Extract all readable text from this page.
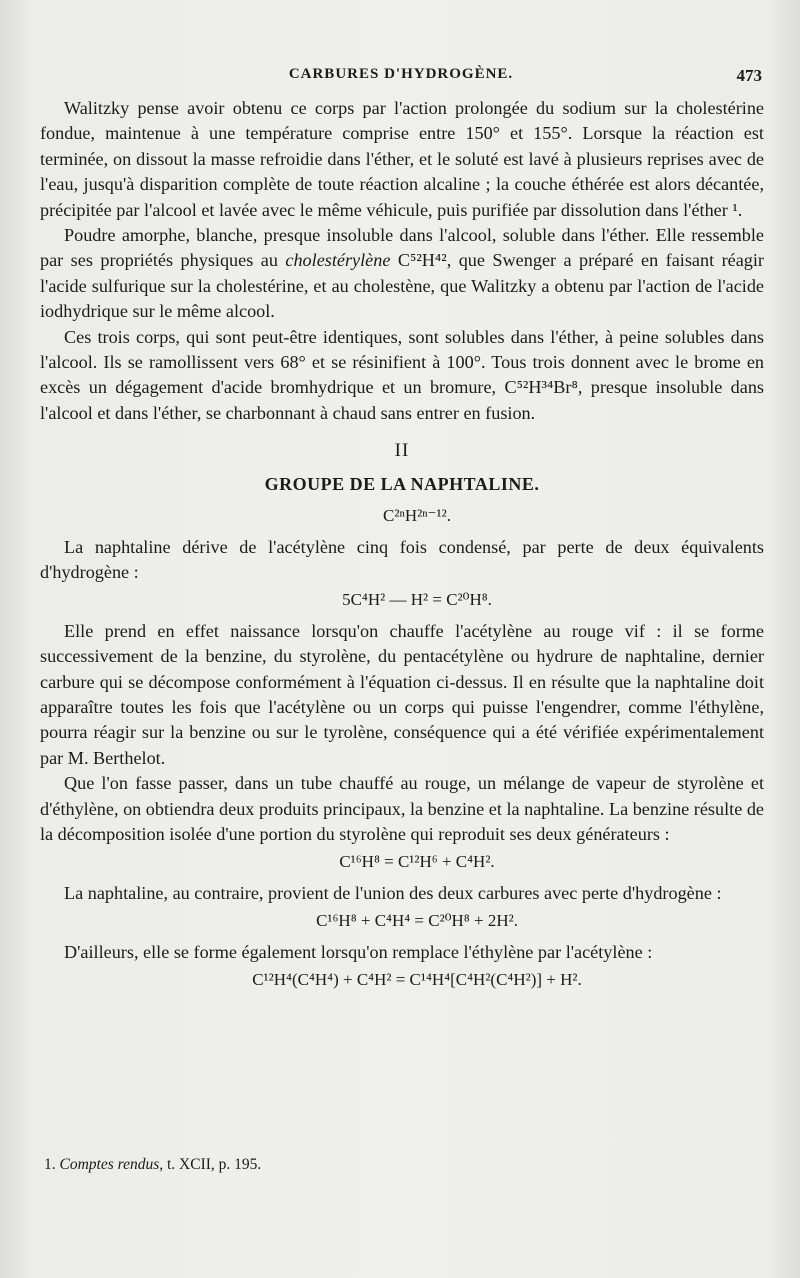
CARBURES D'HYDROGÈNE.	473

Walitzky pense avoir obtenu ce corps par l'action prolongée du sodium sur la cholestérine fondue, maintenue à une température comprise entre 150° et 155°. Lorsque la réaction est terminée, on dissout la masse refroidie dans l'éther, et le soluté est lavé à plusieurs reprises avec de l'eau, jusqu'à disparition complète de toute réaction alcaline ; la couche éthérée est alors décantée, précipitée par l'alcool et lavée avec le même véhicule, puis purifiée par dissolution dans l'éther ¹.

Poudre amorphe, blanche, presque insoluble dans l'alcool, soluble dans l'éther. Elle ressemble par ses propriétés physiques au cholestérylène C⁵²H⁴², que Swenger a préparé en faisant réagir l'acide sulfurique sur la cholestérine, et au cholestène, que Walitzky a obtenu par l'action de l'acide iodhydrique sur le même alcool.

Ces trois corps, qui sont peut-être identiques, sont solubles dans l'éther, à peine solubles dans l'alcool. Ils se ramollissent vers 68° et se résinifient à 100°. Tous trois donnent avec le brome en excès un dégagement d'acide bromhydrique et un bromure, C⁵²H³⁴Br⁸, presque insoluble dans l'alcool et dans l'éther, se charbonnant à chaud sans entrer en fusion.

II
GROUPE DE LA NAPHTALINE.
C²ⁿH²ⁿ⁻¹².

La naphtaline dérive de l'acétylène cinq fois condensé, par perte de deux équivalents d'hydrogène :

5C⁴H² — H² = C²⁰H⁸.

Elle prend en effet naissance lorsqu'on chauffe l'acétylène au rouge vif : il se forme successivement de la benzine, du styrolène, du pentacétylène ou hydrure de naphtaline, dernier carbure qui se décompose conformément à l'équation ci-dessus. Il en résulte que la naphtaline doit apparaître toutes les fois que l'acétylène ou un corps qui puisse l'engendrer, comme l'éthylène, pourra réagir sur la benzine ou sur le tyrolène, conséquence qui a été vérifiée expérimentalement par M. Berthelot.

Que l'on fasse passer, dans un tube chauffé au rouge, un mélange de vapeur de styrolène et d'éthylène, on obtiendra deux produits principaux, la benzine et la naphtaline. La benzine résulte de la décomposition isolée d'une portion du styrolène qui reproduit ses deux générateurs :

C¹⁶H⁸ = C¹²H⁶ + C⁴H².

La naphtaline, au contraire, provient de l'union des deux carbures avec perte d'hydrogène :

C¹⁶H⁸ + C⁴H⁴ = C²⁰H⁸ + 2H².

D'ailleurs, elle se forme également lorsqu'on remplace l'éthylène par l'acétylène :

C¹²H⁴(C⁴H⁴) + C⁴H² = C¹⁴H⁴[C⁴H²(C⁴H²)] + H².
1. Comptes rendus, t. XCII, p. 195.
